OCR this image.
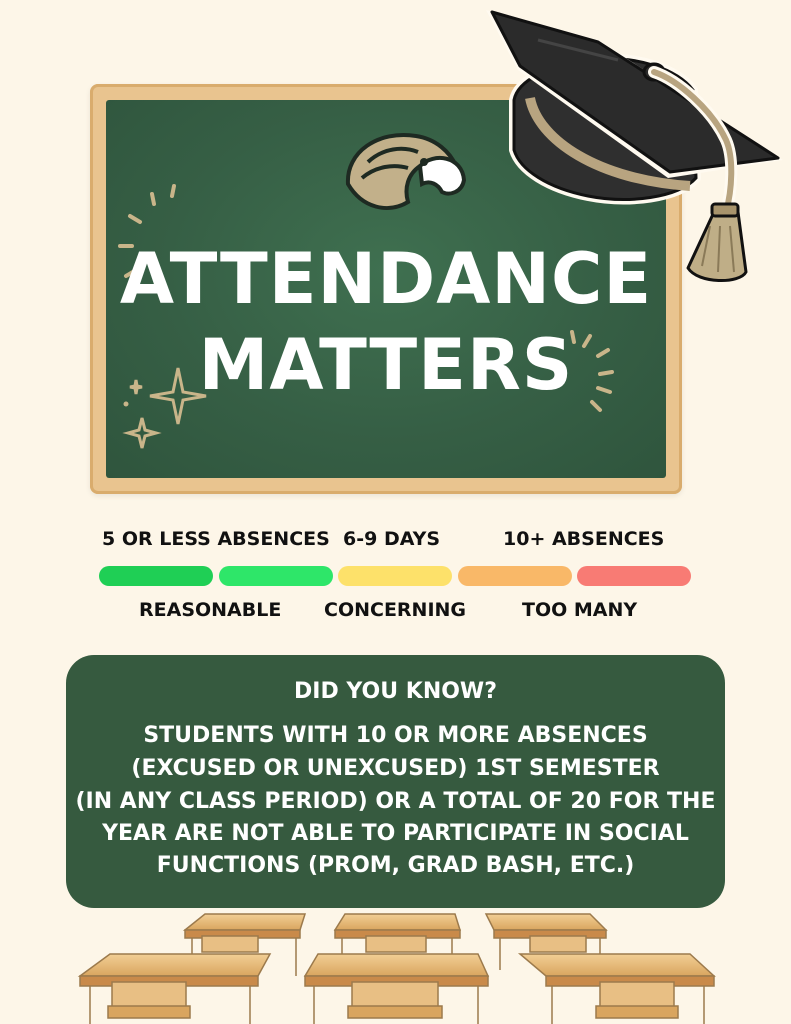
ATTENDANCE
MATTERS
5 OR LESS ABSENCES 6-9 DAYS	10+ ABSENCES
REASONABLE CONCERNING	TOO MANY
DID YOU KNOW?
STUDENTS WITH 10 OR MORE ABSENCES
(EXCUSED OR UNEXCUSED) 1ST SEMESTER
(IN ANY CLASS PERIOD) OR A TOTAL OF 20 FOR THE
YEAR ARE NOT ABLE TO PARTICIPATE IN SOCIAL
FUNCTIONS (PROM, GRAD BASH, ETC.)
